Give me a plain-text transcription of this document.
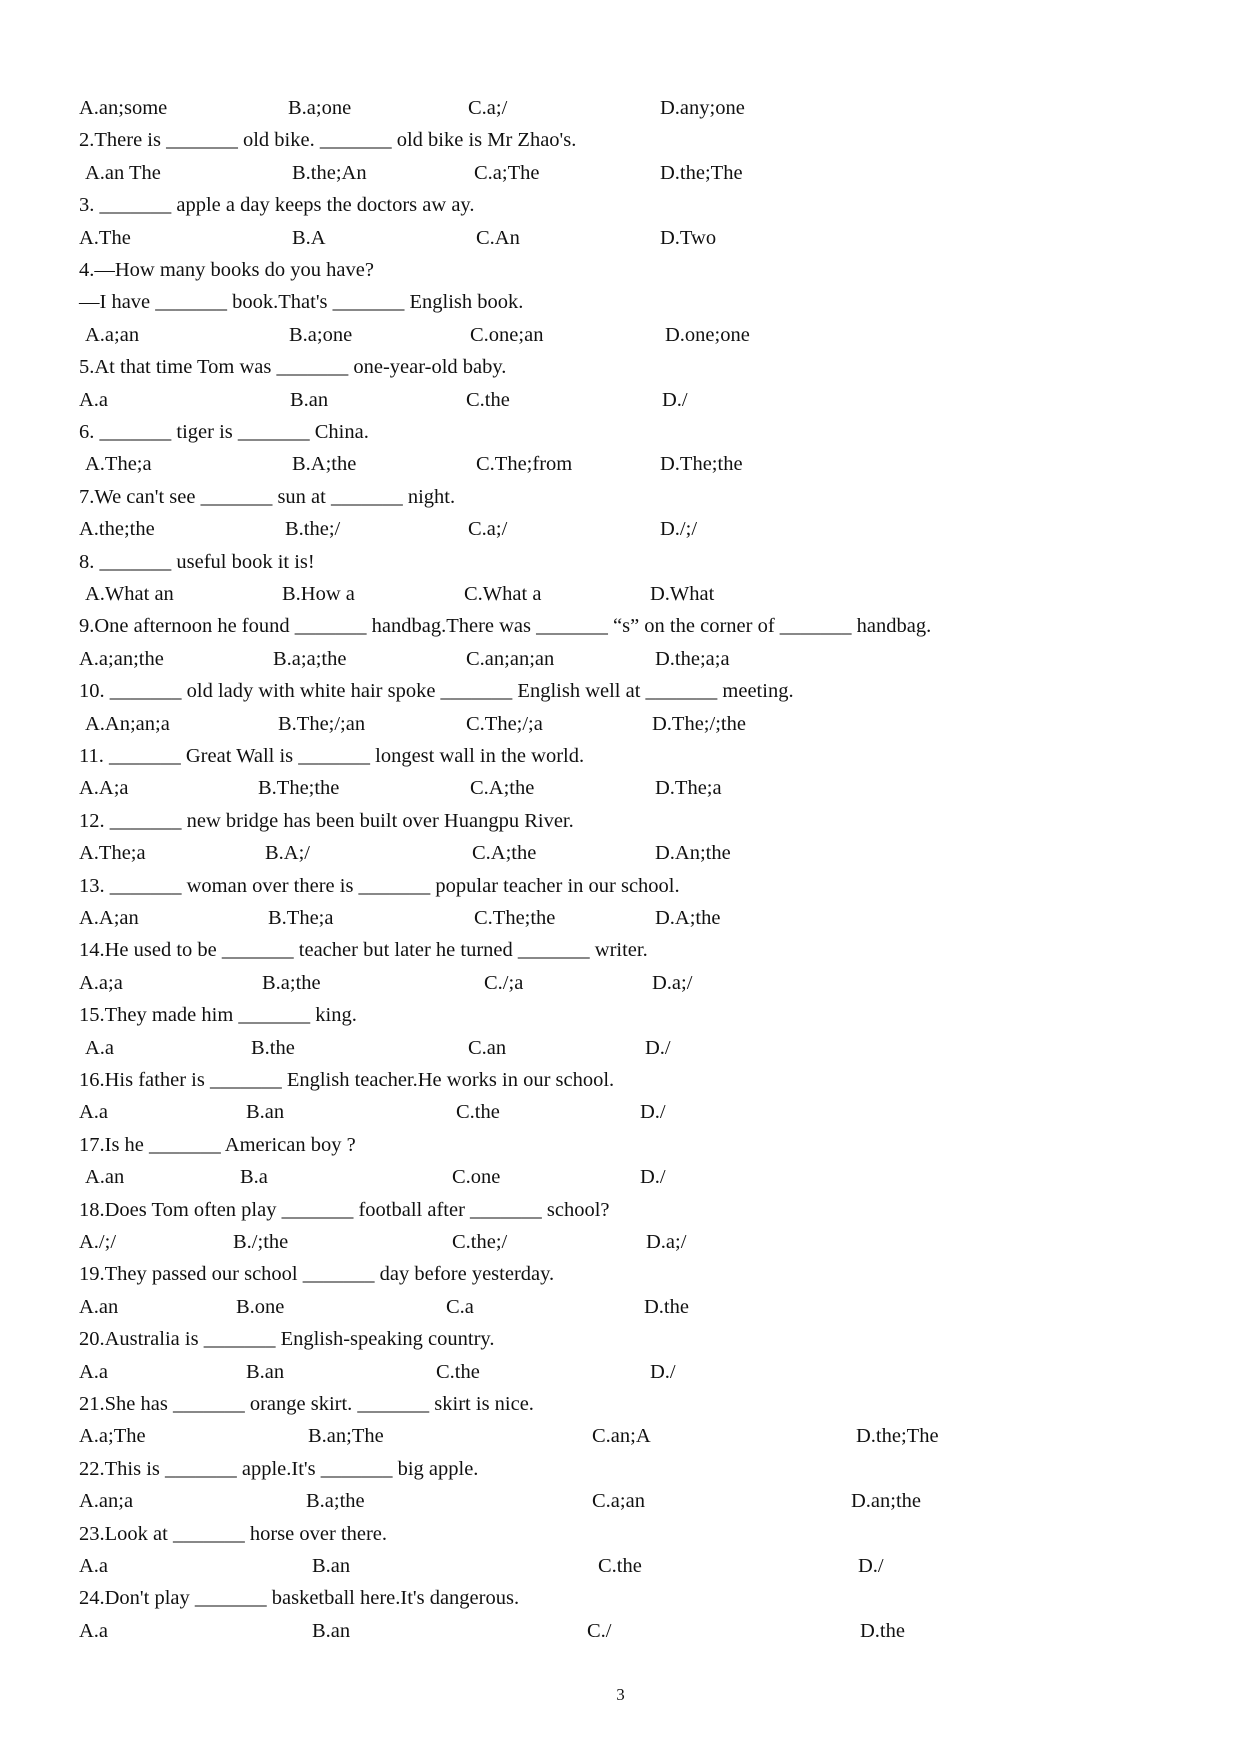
A.an;some	B.a;one	C.a;/	D.any;one
2.There is _______ old bike. _______ old bike is Mr Zhao's.
A.an The	B.the;An	C.a;The	D.the;The
3. _______ apple a day keeps the doctors aw ay.
A.The	B.A	C.An	D.Two
4.—How many books do you have?
—I have _______ book.That's _______ English book.
A.a;an	B.a;one	C.one;an	D.one;one
5.At that time Tom was _______ one-year-old baby.
A.a	B.an	C.the	D./
6. _______ tiger is _______ China.
A.The;a	B.A;the	C.The;from	D.The;the
7.We can't see _______ sun at _______ night.
A.the;the	B.the;/	C.a;/	D./;/
8. _______ useful book it is!
A.What an	B.How a	C.What a	D.What
9.One afternoon he found _______ handbag.There was _______ “s” on the corner of _______ handbag.
A.a;an;the	B.a;a;the	C.an;an;an	D.the;a;a
10. _______ old lady with white hair spoke _______ English well at _______ meeting.
A.An;an;a	B.The;/;an	C.The;/;a	D.The;/;the
11. _______ Great Wall is _______ longest wall in the world.
A.A;a	B.The;the	C.A;the	D.The;a
12. _______ new bridge has been built over Huangpu River.
A.The;a	B.A;/	C.A;the	D.An;the
13. _______ woman over there is _______ popular teacher in our school.
A.A;an	B.The;a	C.The;the	D.A;the
14.He used to be _______ teacher but later he turned _______ writer.
A.a;a	B.a;the	C./;a	D.a;/
15.They made him _______ king.
A.a	B.the	C.an	D./
16.His father is _______ English teacher.He works in our school.
A.a	B.an	C.the	D./
17.Is he _______ American boy ?
A.an	B.a	C.one	D./
18.Does Tom often play _______ football after _______ school?
A./;/	B./;the	C.the;/	D.a;/
19.They passed our school _______ day before yesterday.
A.an	B.one	C.a	D.the
20.Australia is _______ English-speaking country.
A.a	B.an	C.the	D./
21.She has _______ orange skirt. _______ skirt is nice.
A.a;The	B.an;The	C.an;A	D.the;The
22.This is _______ apple.It's _______ big apple.
A.an;a	B.a;the	C.a;an	D.an;the
23.Look at _______ horse over there.
A.a	B.an	C.the	D./
24.Don't play _______ basketball here.It's dangerous.
A.a	B.an	C./	D.the
3
